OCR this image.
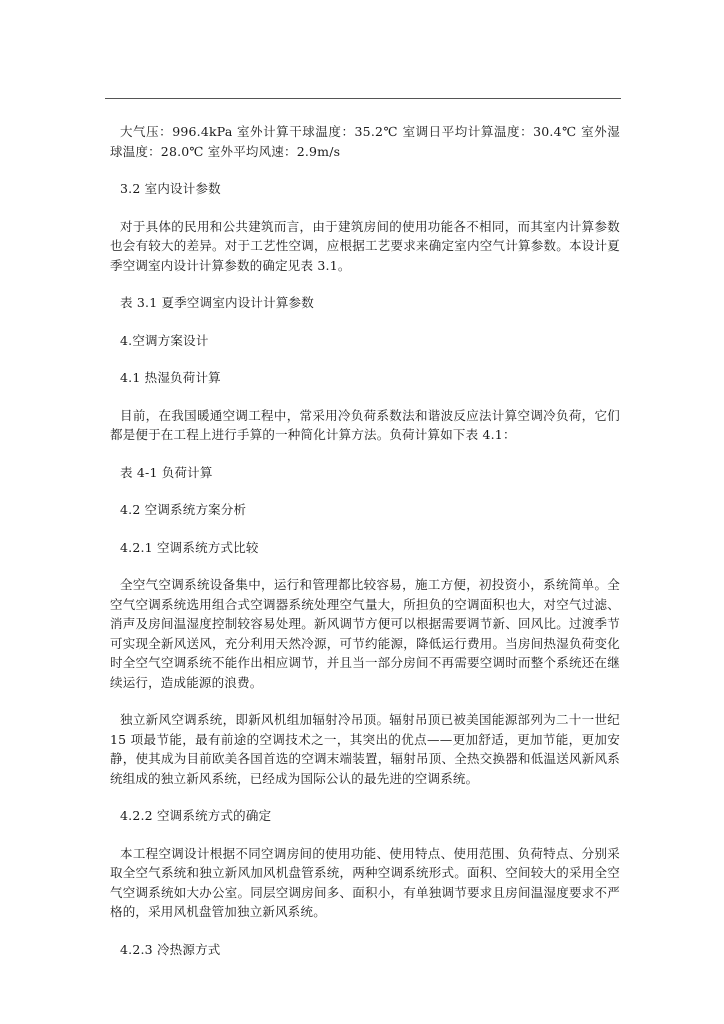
大气压：996.4kPa 室外计算干球温度：35.2℃ 室调日平均计算温度：30.4℃ 室外湿球温度：28.0℃ 室外平均风速：2.9m/s

3.2 室内设计参数

对于具体的民用和公共建筑而言，由于建筑房间的使用功能各不相同，而其室内计算参数也会有较大的差异。对于工艺性空调，应根据工艺要求来确定室内空气计算参数。本设计夏季空调室内设计计算参数的确定见表 3.1。

表 3.1 夏季空调室内设计计算参数

4.空调方案设计

4.1 热湿负荷计算

目前，在我国暖通空调工程中，常采用冷负荷系数法和谐波反应法计算空调冷负荷，它们都是便于在工程上进行手算的一种简化计算方法。负荷计算如下表 4.1：

表 4-1 负荷计算

4.2 空调系统方案分析

4.2.1 空调系统方式比较

全空气空调系统设备集中，运行和管理都比较容易，施工方便，初投资小，系统简单。全空气空调系统选用组合式空调器系统处理空气量大，所担负的空调面积也大，对空气过滤、消声及房间温湿度控制较容易处理。新风调节方便可以根据需要调节新、回风比。过渡季节可实现全新风送风，充分利用天然冷源，可节约能源，降低运行费用。当房间热湿负荷变化时全空气空调系统不能作出相应调节，并且当一部分房间不再需要空调时而整个系统还在继续运行，造成能源的浪费。

独立新风空调系统，即新风机组加辐射冷吊顶。辐射吊顶已被美国能源部列为二十一世纪 15 项最节能，最有前途的空调技术之一，其突出的优点——更加舒适，更加节能，更加安静，使其成为目前欧美各国首选的空调末端装置，辐射吊顶、全热交换器和低温送风新风系统组成的独立新风系统，已经成为国际公认的最先进的空调系统。

4.2.2 空调系统方式的确定

本工程空调设计根据不同空调房间的使用功能、使用特点、使用范围、负荷特点、分别采取全空气系统和独立新风加风机盘管系统，两种空调系统形式。面积、空间较大的采用全空气空调系统如大办公室。同层空调房间多、面积小，有单独调节要求且房间温湿度要求不严格的，采用风机盘管加独立新风系统。

4.2.3 冷热源方式
